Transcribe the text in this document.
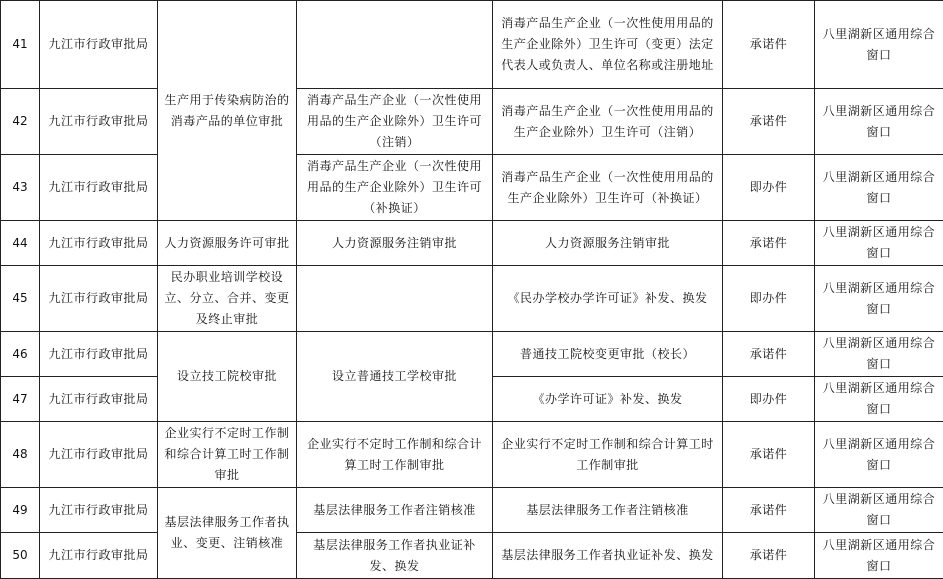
41	九江市行政审批局	生产用于传染病防治的消毒产品的单位审批		消毒产品生产企业（一次性使用用品的生产企业除外）卫生许可（变更）法定代表人或负责人、单位名称或注册地址	承诺件	八里湖新区通用综合窗口
42	九江市行政审批局		消毒产品生产企业（一次性使用用品的生产企业除外）卫生许可（注销）	消毒产品生产企业（一次性使用用品的生产企业除外）卫生许可（注销）	承诺件	八里湖新区通用综合窗口
43	九江市行政审批局		消毒产品生产企业（一次性使用用品的生产企业除外）卫生许可（补换证）	消毒产品生产企业（一次性使用用品的生产企业除外）卫生许可（补换证）	即办件	八里湖新区通用综合窗口
44	九江市行政审批局	人力资源服务许可审批	人力资源服务注销审批	人力资源服务注销审批	承诺件	八里湖新区通用综合窗口
45	九江市行政审批局	民办职业培训学校设立、分立、合并、变更及终止审批		《民办学校办学许可证》补发、换发	即办件	八里湖新区通用综合窗口
46	九江市行政审批局	设立技工院校审批	设立普通技工学校审批	普通技工院校变更审批（校长）	承诺件	八里湖新区通用综合窗口
47	九江市行政审批局			《办学许可证》补发、换发	即办件	八里湖新区通用综合窗口
48	九江市行政审批局	企业实行不定时工作制和综合计算工时工作制审批	企业实行不定时工作制和综合计算工时工作制审批	企业实行不定时工作制和综合计算工时工作制审批	承诺件	八里湖新区通用综合窗口
49	九江市行政审批局	基层法律服务工作者执业、变更、注销核准	基层法律服务工作者注销核准	基层法律服务工作者注销核准	承诺件	八里湖新区通用综合窗口
50	九江市行政审批局		基层法律服务工作者执业证补发、换发	基层法律服务工作者执业证补发、换发	承诺件	八里湖新区通用综合窗口
